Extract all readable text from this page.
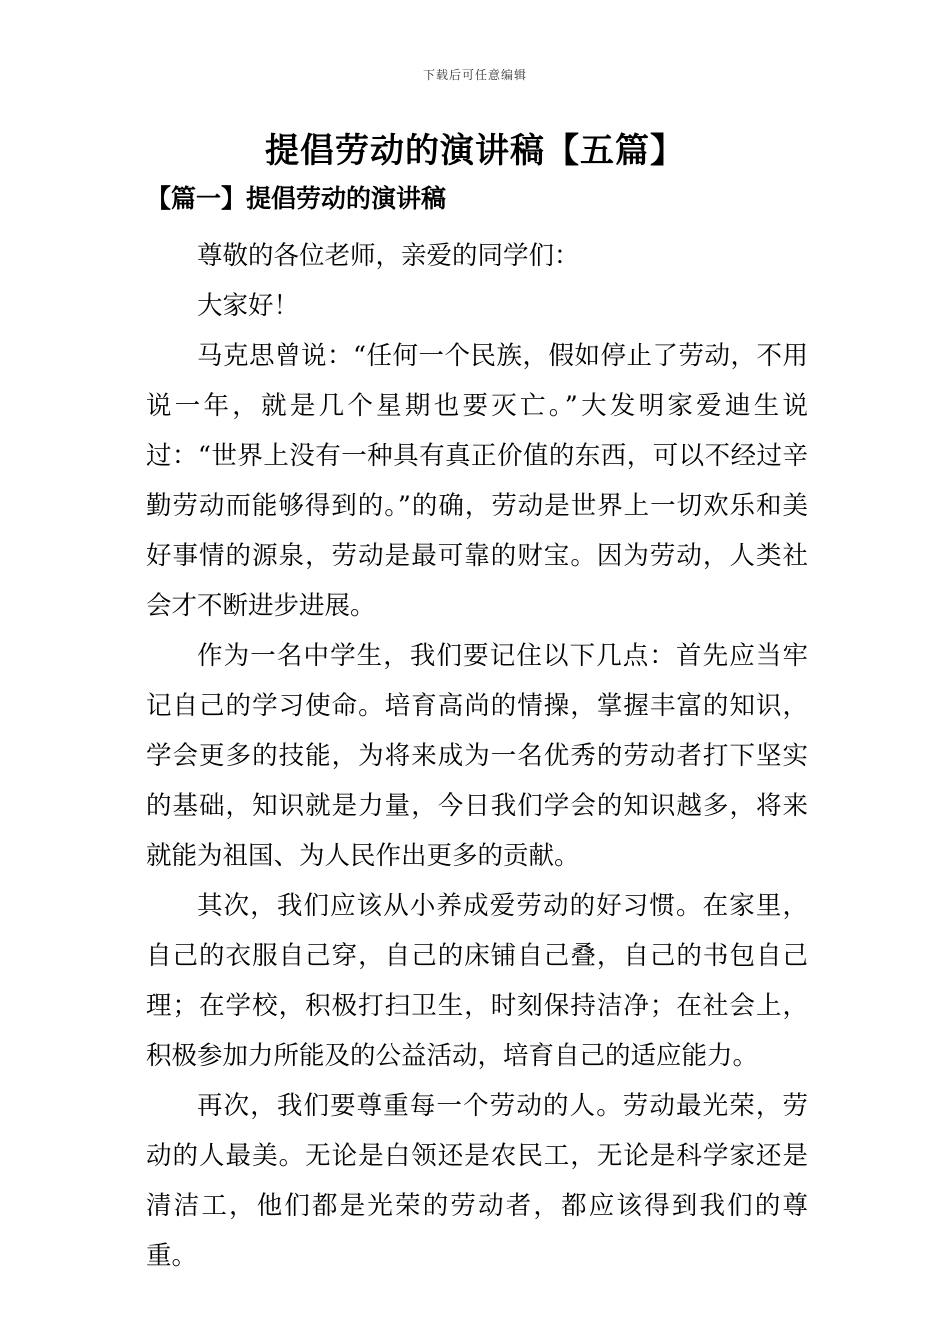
下载后可任意编辑
提倡劳动的演讲稿【五篇】
【篇一】提倡劳动的演讲稿

尊敬的各位老师，亲爱的同学们：

大家好！

马克思曾说：“任何一个民族，假如停止了劳动，不用说一年，就是几个星期也要灭亡。”大发明家爱迪生说过：“世界上没有一种具有真正价值的东西，可以不经过辛勤劳动而能够得到的。”的确，劳动是世界上一切欢乐和美好事情的源泉，劳动是最可靠的财宝。因为劳动，人类社会才不断进步进展。

作为一名中学生，我们要记住以下几点：首先应当牢记自己的学习使命。培育高尚的情操，掌握丰富的知识，学会更多的技能，为将来成为一名优秀的劳动者打下坚实的基础，知识就是力量，今日我们学会的知识越多，将来就能为祖国、为人民作出更多的贡献。

其次，我们应该从小养成爱劳动的好习惯。在家里，自己的衣服自己穿，自己的床铺自己叠，自己的书包自己理；在学校，积极打扫卫生，时刻保持洁净；在社会上，积极参加力所能及的公益活动，培育自己的适应能力。

再次，我们要尊重每一个劳动的人。劳动最光荣，劳动的人最美。无论是白领还是农民工，无论是科学家还是清洁工，他们都是光荣的劳动者，都应该得到我们的尊重。
